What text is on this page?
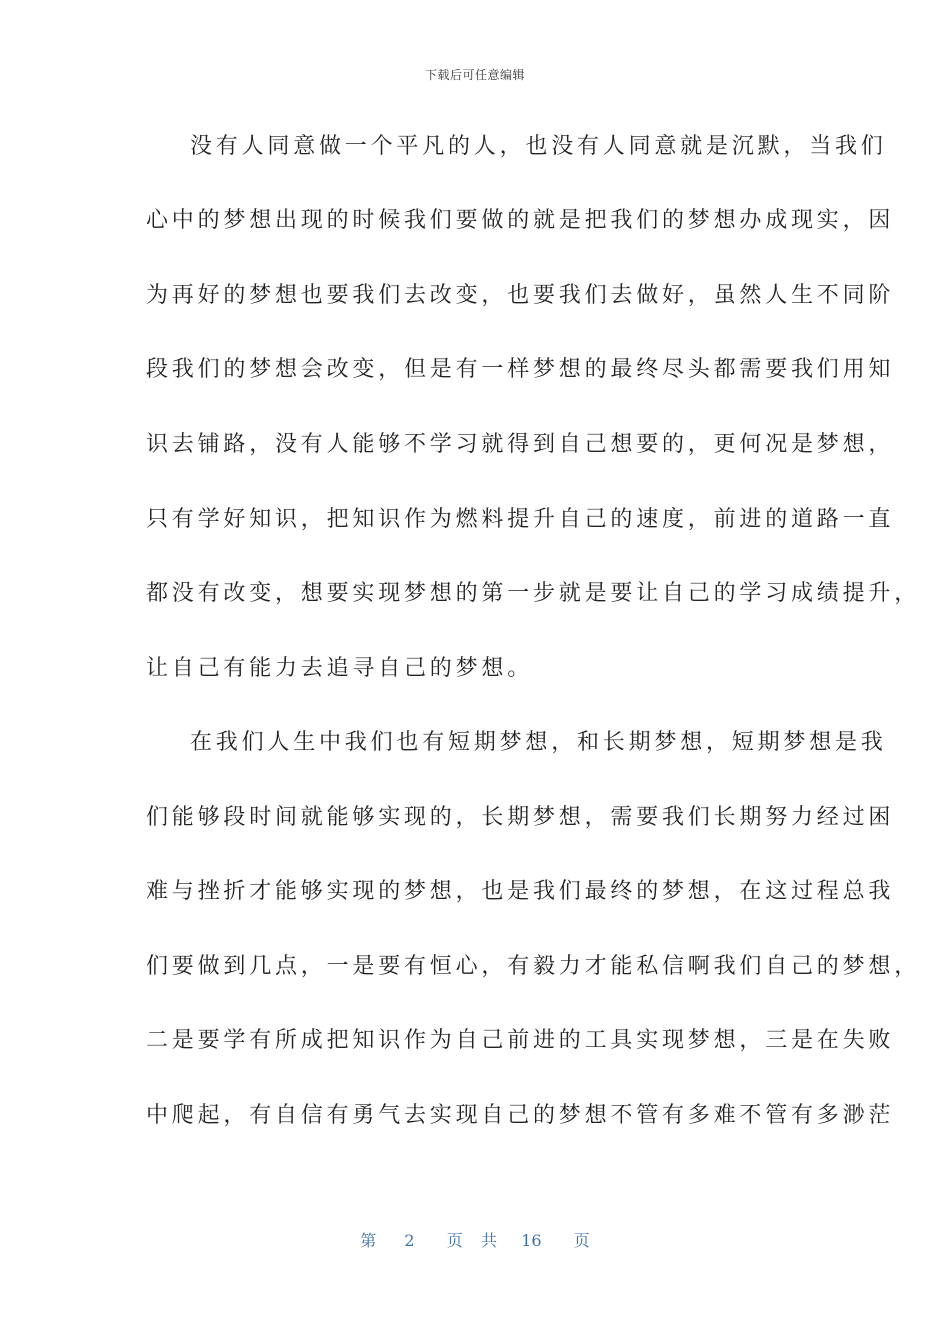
下载后可任意编辑
没有人同意做一个平凡的人，也没有人同意就是沉默，当我们
心中的梦想出现的时候我们要做的就是把我们的梦想办成现实，因
为再好的梦想也要我们去改变，也要我们去做好，虽然人生不同阶
段我们的梦想会改变，但是有一样梦想的最终尽头都需要我们用知
识去铺路，没有人能够不学习就得到自己想要的，更何况是梦想，
只有学好知识，把知识作为燃料提升自己的速度，前进的道路一直
都没有改变，想要实现梦想的第一步就是要让自己的学习成绩提升，
让自己有能力去追寻自己的梦想。
在我们人生中我们也有短期梦想，和长期梦想，短期梦想是我
们能够段时间就能够实现的，长期梦想，需要我们长期努力经过困
难与挫折才能够实现的梦想，也是我们最终的梦想，在这过程总我
们要做到几点，一是要有恒心，有毅力才能私信啊我们自己的梦想，
二是要学有所成把知识作为自己前进的工具实现梦想，三是在失败
中爬起，有自信有勇气去实现自己的梦想不管有多难不管有多渺茫
第 2 页 共 16 页
